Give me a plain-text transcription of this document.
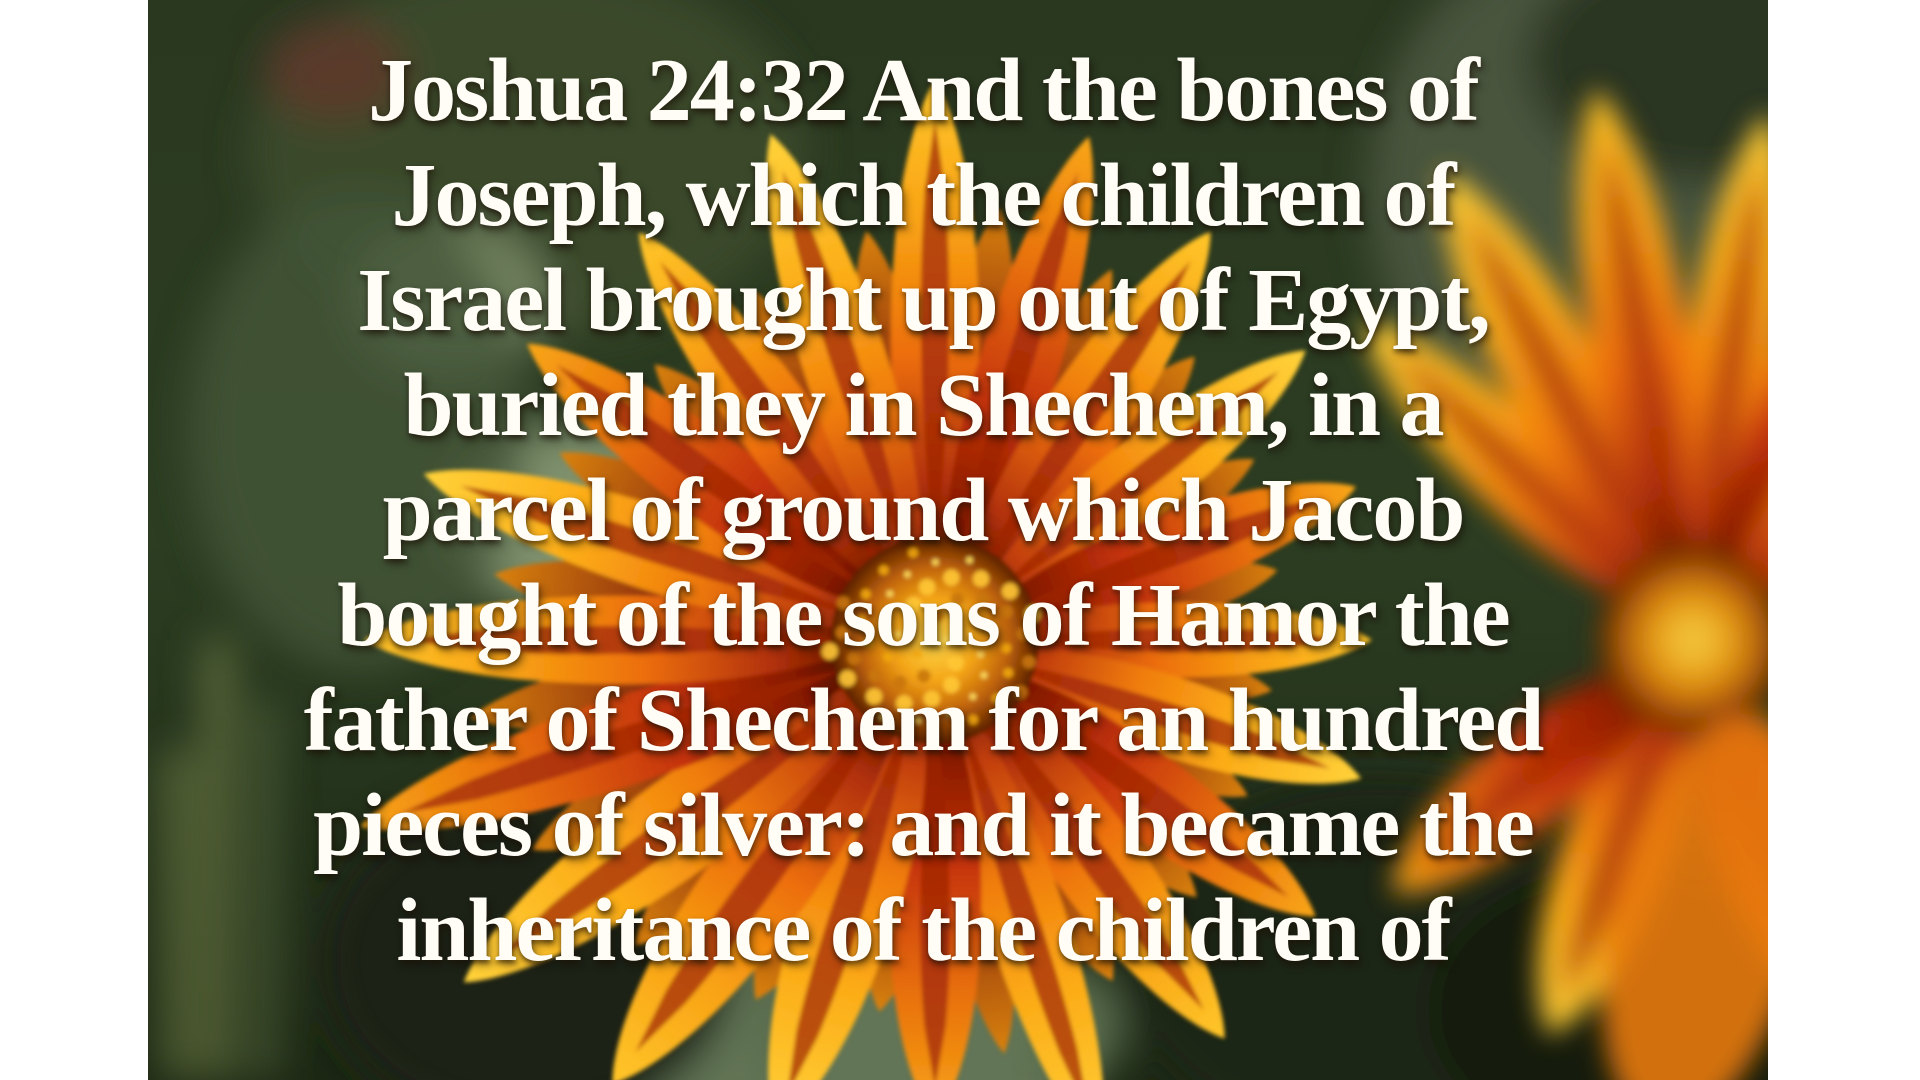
Joshua 24:32 And the bones of
Joseph, which the children of
Israel brought up out of Egypt,
buried they in Shechem, in a
parcel of ground which Jacob
bought of the sons of Hamor the
father of Shechem for an hundred
pieces of silver: and it became the
inheritance of the children of
